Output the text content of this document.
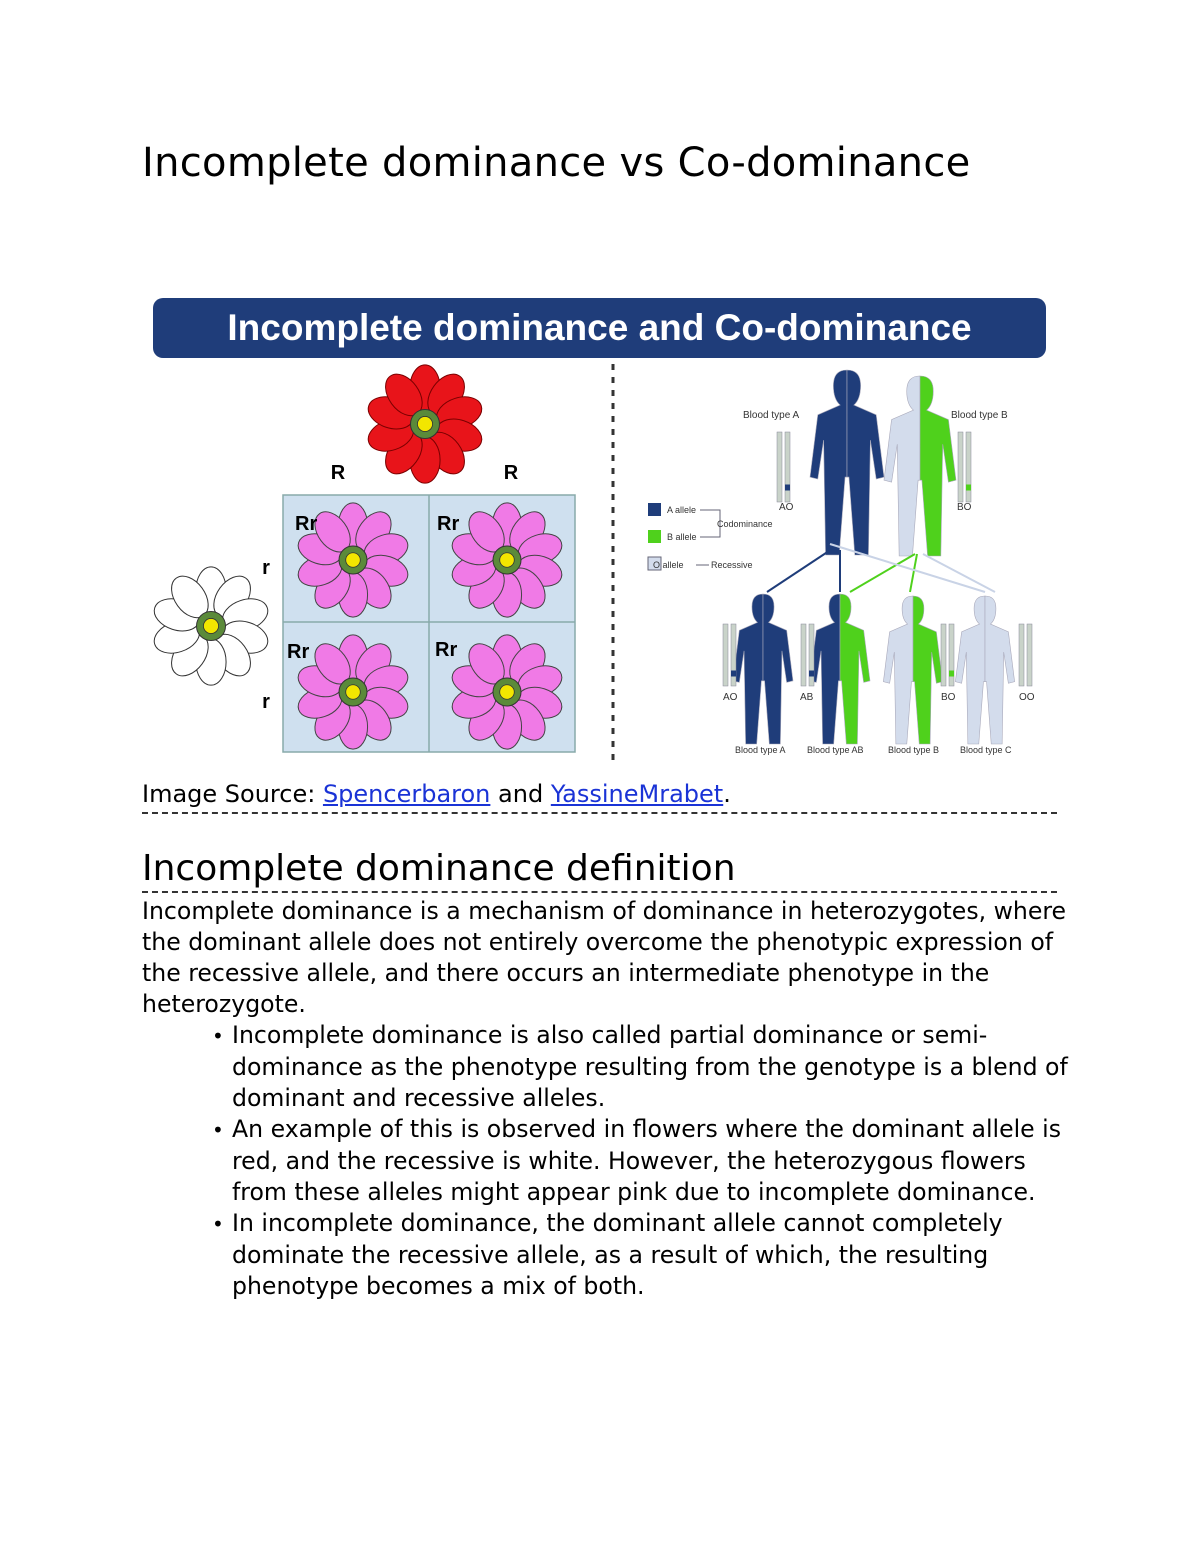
Incomplete dominance vs Co-dominance
Incomplete dominance and Co-dominance
R	R
r
r
Rr	Rr
Rr	Rr
Blood type A	Blood type B
AO	BO
A allele
B allele
O allele
Codominance
Recessive
AO	AB	BO	OO
Blood type A Blood type AB	Blood type B Blood type C
Image Source: Spencerbaron and YassineMrabet.
Incomplete dominance definition

Incomplete dominance is a mechanism of dominance in heterozygotes, where the dominant allele does not entirely overcome the phenotypic expression of the recessive allele, and there occurs an intermediate phenotype in the heterozygote.

• Incomplete dominance is also called partial dominance or semi-dominance as the phenotype resulting from the genotype is a blend of dominant and recessive alleles.
• An example of this is observed in flowers where the dominant allele is red, and the recessive is white. However, the heterozygous flowers from these alleles might appear pink due to incomplete dominance.
• In incomplete dominance, the dominant allele cannot completely dominate the recessive allele, as a result of which, the resulting phenotype becomes a mix of both.
